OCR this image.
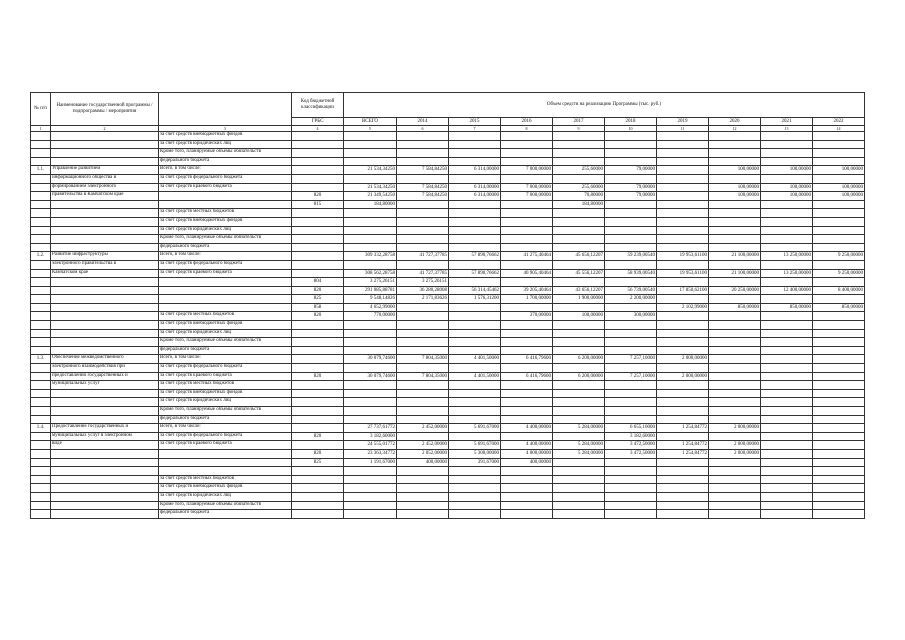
№ п/п	Наименование государственной программы / подпрограммы / мероприятия		Код бюджетной классификации	Объем средств на реализацию Программы (тыс. руб.)									
			ГРБС	ВСЕГО	2014	2015	2016	2017	2018	2019	2020	2021	2022
1	2	3	4	5	6	7	8	9	10	11	12	13	14
		за счет средств внебюджетных фондов											
		за счет средств юридических лиц											
		Кроме того, планируемые объемы обязательств											
		федерального бюджета											
1.1.	Управление развитием	Всего, в том числе:		21 534,34250	7 584,84250	6 314,00000	7 000,00000	255,60000	79,00000		100,00000	100,00000	100,00000
	информационного общества и	за счет средств федерального бюджета											
	формированием электронного	за счет средств краевого бюджета		21 534,34250	7 584,84250	6 314,00000	7 000,00000	255,60000	79,00000		100,00000	100,00000	100,00000
	правительства в Камчатском крае		820	21 349,54250	7 584,84250	6 314,00000	7 000,00000	70,80000	79,00000		100,00000	100,00000	100,00000
			815	184,80000				184,80000					
		за счет средств местных бюджетов											
		за счет средств внебюджетных фондов											
		за счет средств юридических лиц											
		Кроме того, планируемые объемы обязательств											
		федерального бюджета											
1.2.	Развитие инфраструктуры	Всего, в том числе:		309 332,28758	41 727,37785	57 890,76662	41 275,40464	45 656,12207	59 239,00540	19 953,61100	21 100,00000	13 250,00000	9 250,00000
	электронного правительства в	за счет средств федерального бюджета											
	Камчатском крае	за счет средств краевого бюджета		308 562,28758	41 727,37785	57 890,76662	40 905,40464	45 556,12207	58 939,00540	19 953,61100	21 100,00000	13 250,00000	9 250,00000
			804	3 275,26151	3 275,26151								
			820	291 085,88781	36 280,28008	56 314,45462	39 205,40464	43 656,12207	56 739,00540	17 850,62100	20 250,00000	12 400,00000	8 400,00000
			825	9 548,14826	2 171,83626	1 576,31200	1 700,00000	1 900,00000	2 200,00000				
			858	4 652,99000						2 102,99000	850,00000	850,00000	850,00000
		за счет средств местных бюджетов	820	770,00000			370,00000	100,00000	300,00000				
		за счет средств внебюджетных фондов											
		за счет средств юридических лиц											
		Кроме того, планируемые объемы обязательств											
		федерального бюджета											
1.3.	Обеспечение межведомственного	Всего, в том числе:		30 079,74600	7 804,35000	4 401,50000	6 416,79600	6 200,00000	7 257,10000	2 000,00000			
	электронного взаимодействия при	за счет средств федерального бюджета											
	предоставлении государственных и	за счет средств краевого бюджета	820	30 079,74600	7 804,35000	4 401,50000	6 416,79600	6 200,00000	7 257,10000	2 000,00000			
	муниципальных услуг	за счет средств местных бюджетов											
		за счет средств внебюджетных фондов											
		за счет средств юридических лиц											
		Кроме того, планируемые объемы обязательств											
		федерального бюджета											
1.4.	Предоставление государственных и	Всего, в том числе:		27 737,61772	2 452,00000	5 691,67000	4 400,00000	5 284,00000	6 655,10000	1 254,84772	2 000,00000		
	муниципальных услуг в электронном	за счет средств федерального бюджета	820	3 182,60000					3 182,60000				
	виде	за счет средств краевого бюджета		24 555,01772	2 452,00000	5 691,67000	4 400,00000	5 284,00000	3 472,50000	1 254,84772	2 000,00000		
			820	23 363,34772	2 052,00000	5 300,00000	4 000,00000	5 284,00000	3 472,50000	1 254,84772	2 000,00000		
			825	1 191,67000	400,00000	391,67000	400,00000						

		за счет средств местных бюджетов											
		за счет средств внебюджетных фондов											
		за счет средств юридических лиц											
		Кроме того, планируемые объемы обязательств											
		федерального бюджета											
